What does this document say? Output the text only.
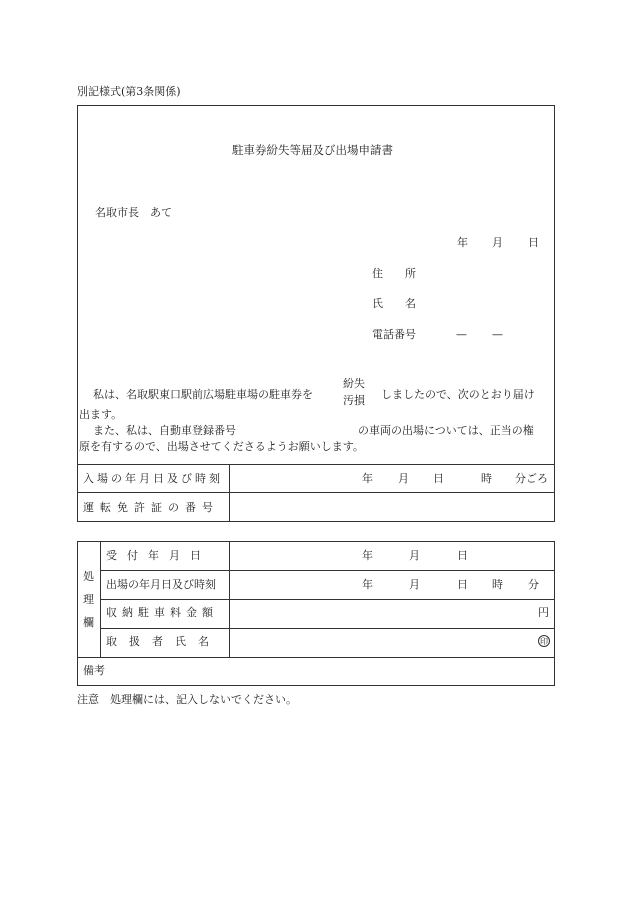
別記様式(第3条関係)
駐車券紛失等届及び出場申請書
名取市長　あて
年 月 日
住　　所
氏　　名
電話番号	— —
私は、名取駅東口駅前広場駐車場の駐車券を
紛失
汚損 しましたので、次のとおり届け
出ます。
また、私は、自動車登録番号	の車両の出場については、正当の権
原を有するので、出場させてくださるようお願いします。
入場の年月日及び時刻	年 月 日	時 分ごろ
運転免許証の番号
処
理
欄
受付年月日	年	月	日
出場の年月日及び時刻	年	月	日 時 分
収納駐車料金額	円
取扱者氏名	印
備考
注意　処理欄には、記入しないでください。
